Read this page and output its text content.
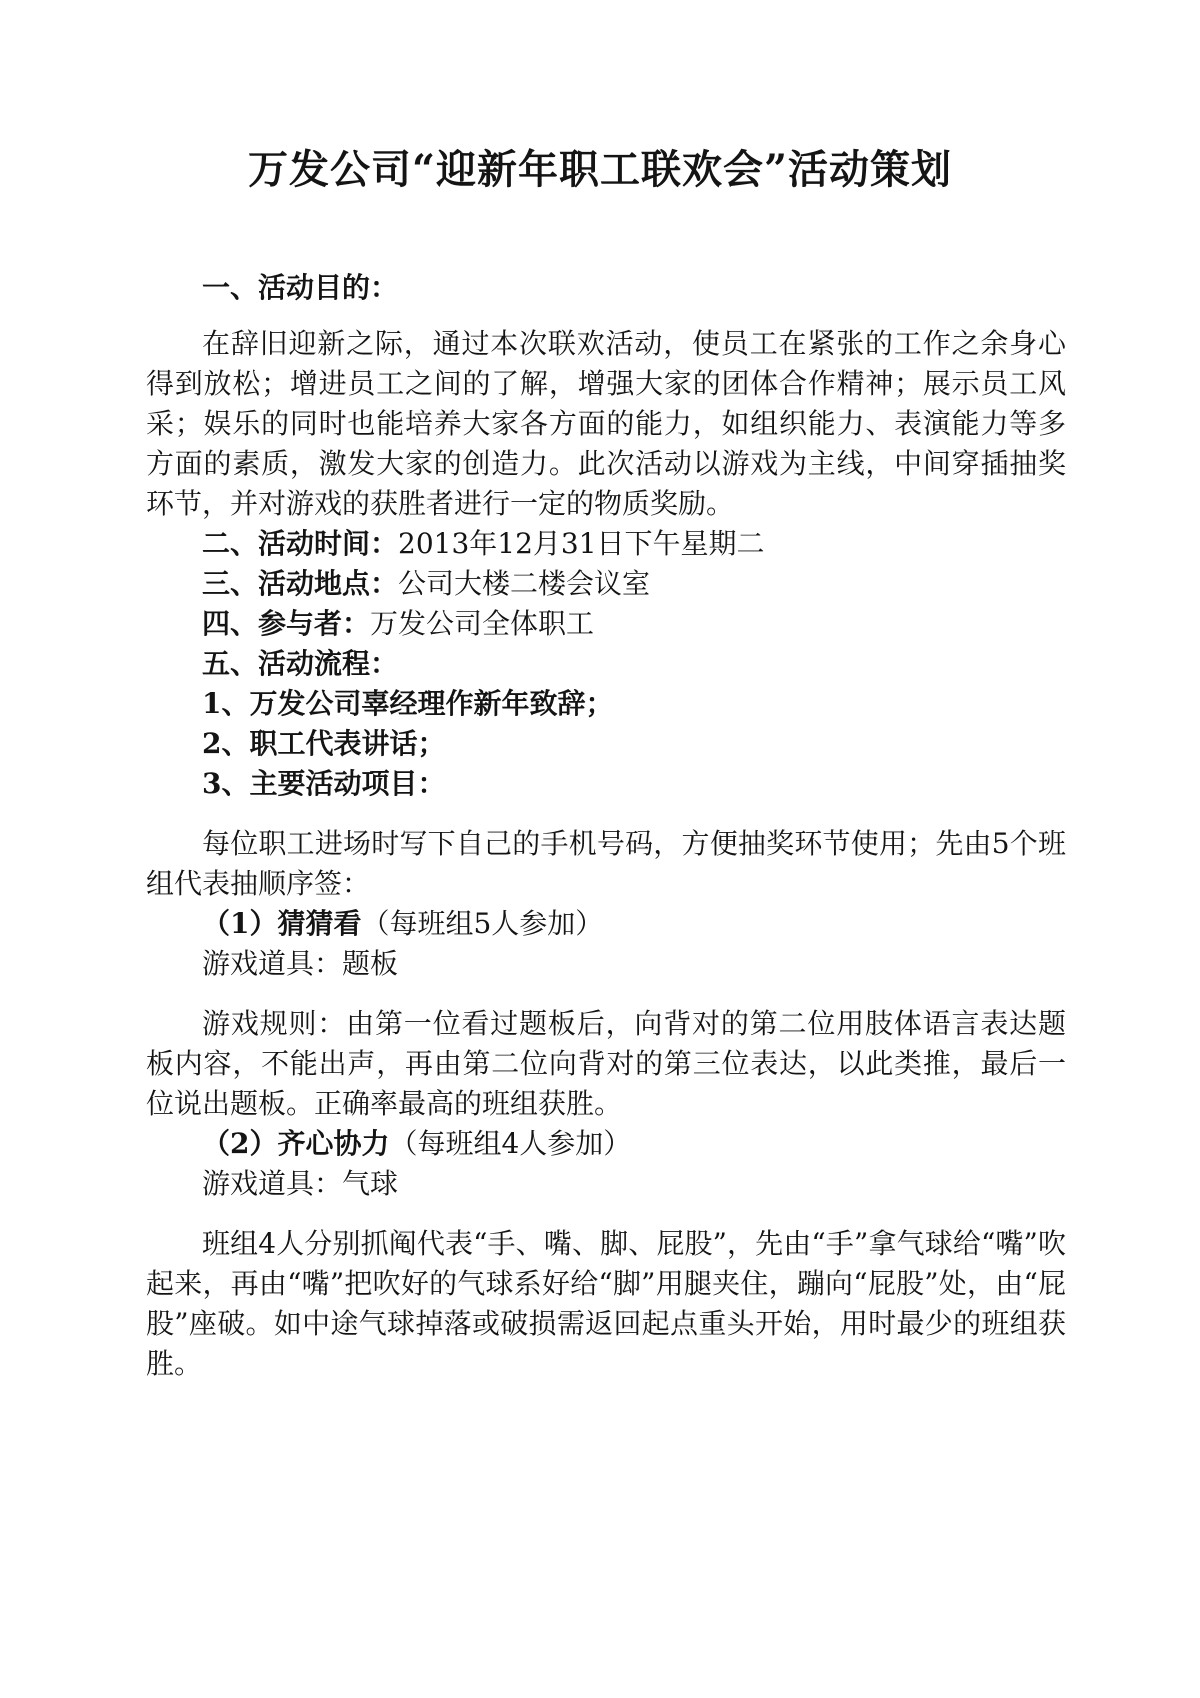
万发公司“迎新年职工联欢会”活动策划

一、活动目的：

在辞旧迎新之际，通过本次联欢活动，使员工在紧张的工作之余身心得到放松；增进员工之间的了解，增强大家的团体合作精神；展示员工风采；娱乐的同时也能培养大家各方面的能力，如组织能力、表演能力等多方面的素质，激发大家的创造力。此次活动以游戏为主线，中间穿插抽奖环节，并对游戏的获胜者进行一定的物质奖励。

二、活动时间：2013年12月31日下午星期二

三、活动地点：公司大楼二楼会议室

四、参与者：万发公司全体职工

五、活动流程：

1、万发公司辜经理作新年致辞；

2、职工代表讲话；

3、主要活动项目：

每位职工进场时写下自己的手机号码，方便抽奖环节使用；先由5个班组代表抽顺序签：

（1）猜猜看（每班组5人参加）

游戏道具：题板

游戏规则：由第一位看过题板后，向背对的第二位用肢体语言表达题板内容，不能出声，再由第二位向背对的第三位表达，以此类推，最后一位说出题板。正确率最高的班组获胜。

（2）齐心协力（每班组4人参加）

游戏道具：气球

班组4人分别抓阄代表“手、嘴、脚、屁股”，先由“手”拿气球给“嘴”吹起来，再由“嘴”把吹好的气球系好给“脚”用腿夹住，蹦向“屁股”处，由“屁股”座破。如中途气球掉落或破损需返回起点重头开始，用时最少的班组获胜。
